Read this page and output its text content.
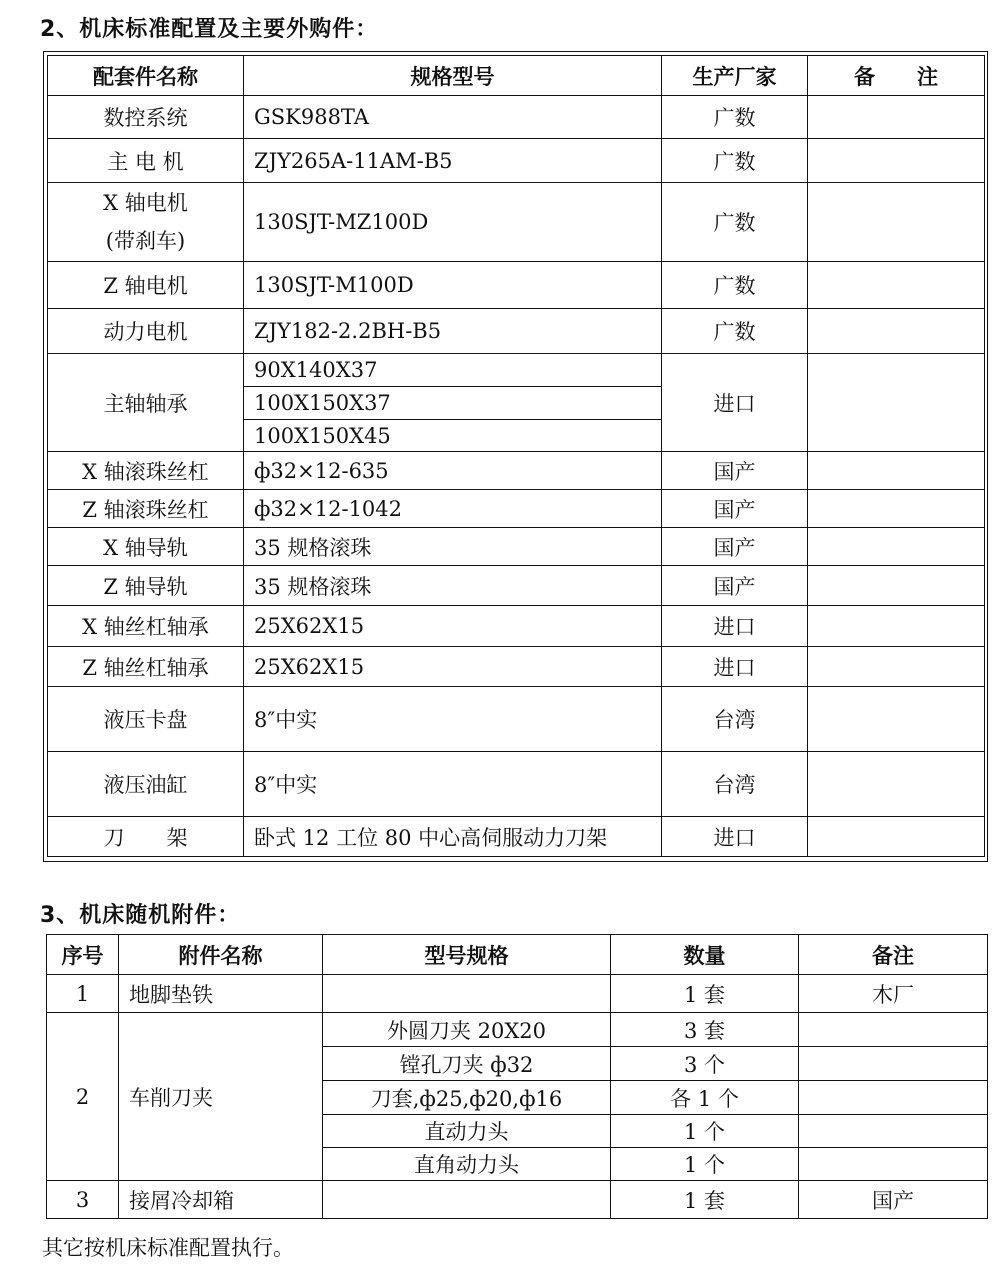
2、机床标准配置及主要外购件：
配套件名称	规格型号	生产厂家	备　　注
数控系统	GSK988TA	广数	
主 电 机	ZJY265A-11AM-B5	广数	
X 轴电机
(带刹车)	130SJT-MZ100D	广数	
Z 轴电机	130SJT-M100D	广数	
动力电机	ZJY182-2.2BH-B5	广数	
主轴轴承	90X140X37	进口	
	100X150X37		
	100X150X45		
X 轴滚珠丝杠	ф32×12-635	国产	
Z 轴滚珠丝杠	ф32×12-1042	国产	
X 轴导轨	35 规格滚珠	国产	
Z 轴导轨	35 规格滚珠	国产	
X 轴丝杠轴承	25X62X15	进口	
Z 轴丝杠轴承	25X62X15	进口	
液压卡盘	8″中实	台湾	
液压油缸	8″中实	台湾	
刀　　架	卧式 12 工位 80 中心高伺服动力刀架	进口	
3、机床随机附件：
序号	附件名称	型号规格	数量	备注
1	地脚垫铁		1 套	木厂
2	车削刀夹	外圆刀夹 20X20	3 套	
		镗孔刀夹 ф32	3 个	
		刀套,ф25,ф20,ф16	各 1 个	
		直动力头	1 个	
		直角动力头	1 个	
3	接屑冷却箱		1 套	国产
其它按机床标准配置执行。
